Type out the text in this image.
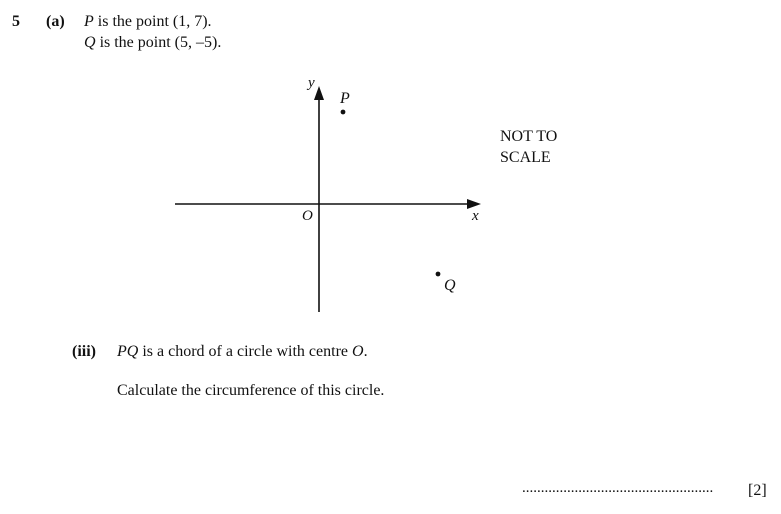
5 (a) P is the point (1, 7).
Q is the point (5, –5).
y
x
O
P
Q
NOT TO
SCALE
(iii) PQ is a chord of a circle with centre O.
Calculate the circumference of this circle.
................................................... [2]
